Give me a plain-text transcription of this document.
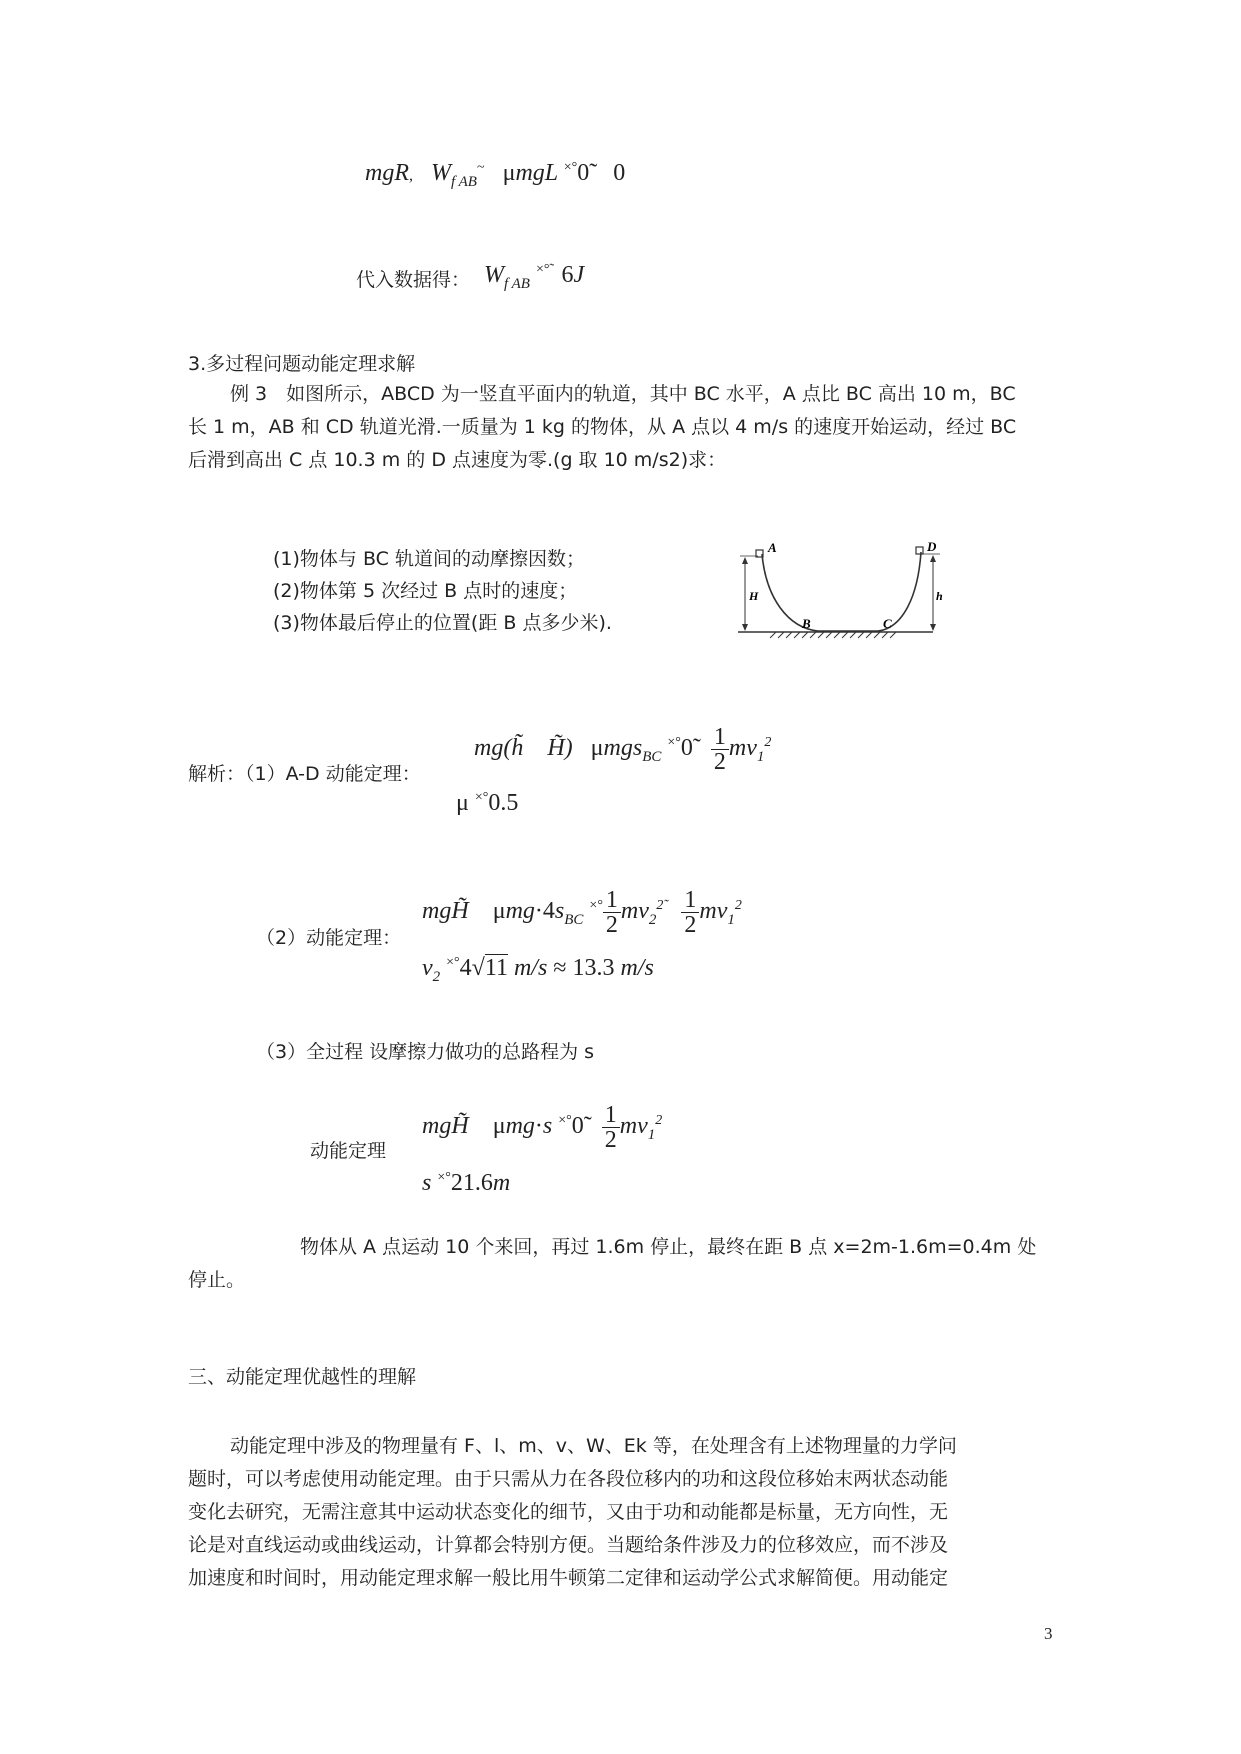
mgR,   $W_{f AB}^\sim$ μmgL ×°0̃ 0
代入数据得： $W_{f AB}$ ×°̃ 6J
3.多过程问题动能定理求解
例 3　如图所示，ABCD 为一竖直平面内的轨道，其中 BC 水平，A 点比 BC 高出 10 m，BC
长 1 m，AB 和 CD 轨道光滑.一质量为 1 kg 的物体，从 A 点以 4 m/s 的速度开始运动，经过 BC
后滑到高出 C 点 10.3 m 的 D 点速度为零.(g 取 10 m/s2)求：
(1)物体与 BC 轨道间的动摩擦因数；
(2)物体第 5 次经过 B 点时的速度；
(3)物体最后停止的位置(距 B 点多少米).
A	D
B	C
H	h
解析：（1）A-D 动能定理：
mg(h̃ H̃)   μmgs$_{BC}$ ×°0̃ $\frac{1}{2} mv_1^2$
μ ×°0.5
（2）动能定理：
mgH̃ $\mu mg\cdot 4s_{BC}$ $^{\times^\circ} \frac{1}{2} mv_2^{2̃} \frac{1}{2} mv_1^2$
$v_2$ ×°4√11 m/s ≈ 13.3 m/s
（3）全过程 设摩擦力做功的总路程为 s
动能定理
mgH̃ μmg·s ×°0̃ $\frac{1}{2} mv_1^2$
s ×°21.6m
物体从 A 点运动 10 个来回，再过 1.6m 停止，最终在距 B 点 x=2m-1.6m=0.4m 处
停止。
三、动能定理优越性的理解
动能定理中涉及的物理量有 F、l、m、v、W、Ek 等，在处理含有上述物理量的力学问
题时，可以考虑使用动能定理。由于只需从力在各段位移内的功和这段位移始末两状态动能
变化去研究，无需注意其中运动状态变化的细节，又由于功和动能都是标量，无方向性，无
论是对直线运动或曲线运动，计算都会特别方便。当题给条件涉及力的位移效应，而不涉及
加速度和时间时，用动能定理求解一般比用牛顿第二定律和运动学公式求解简便。用动能定
3
